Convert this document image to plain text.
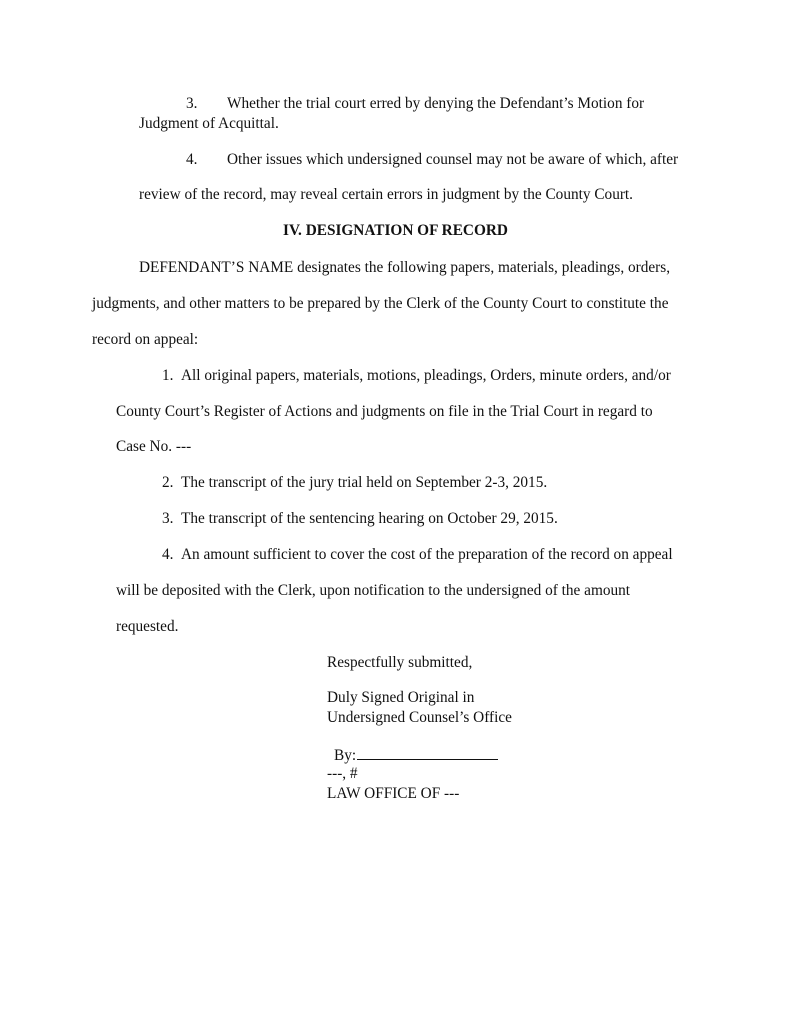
3. Whether the trial court erred by denying the Defendant’s Motion for
Judgment of Acquittal.
4. Other issues which undersigned counsel may not be aware of which, after
review of the record, may reveal certain errors in judgment by the County Court.
IV. DESIGNATION OF RECORD
DEFENDANT’S NAME designates the following papers, materials, pleadings, orders,
judgments, and other matters to be prepared by the Clerk of the County Court to constitute the
record on appeal:
1. All original papers, materials, motions, pleadings, Orders, minute orders, and/or
County Court’s Register of Actions and judgments on file in the Trial Court in regard to
Case No. ---
2. The transcript of the jury trial held on September 2-3, 2015.
3. The transcript of the sentencing hearing on October 29, 2015.
4. An amount sufficient to cover the cost of the preparation of the record on appeal
will be deposited with the Clerk, upon notification to the undersigned of the amount
requested.
Respectfully submitted,
Duly Signed Original in
Undersigned Counsel’s Office
By:
---, #
LAW OFFICE OF ---
